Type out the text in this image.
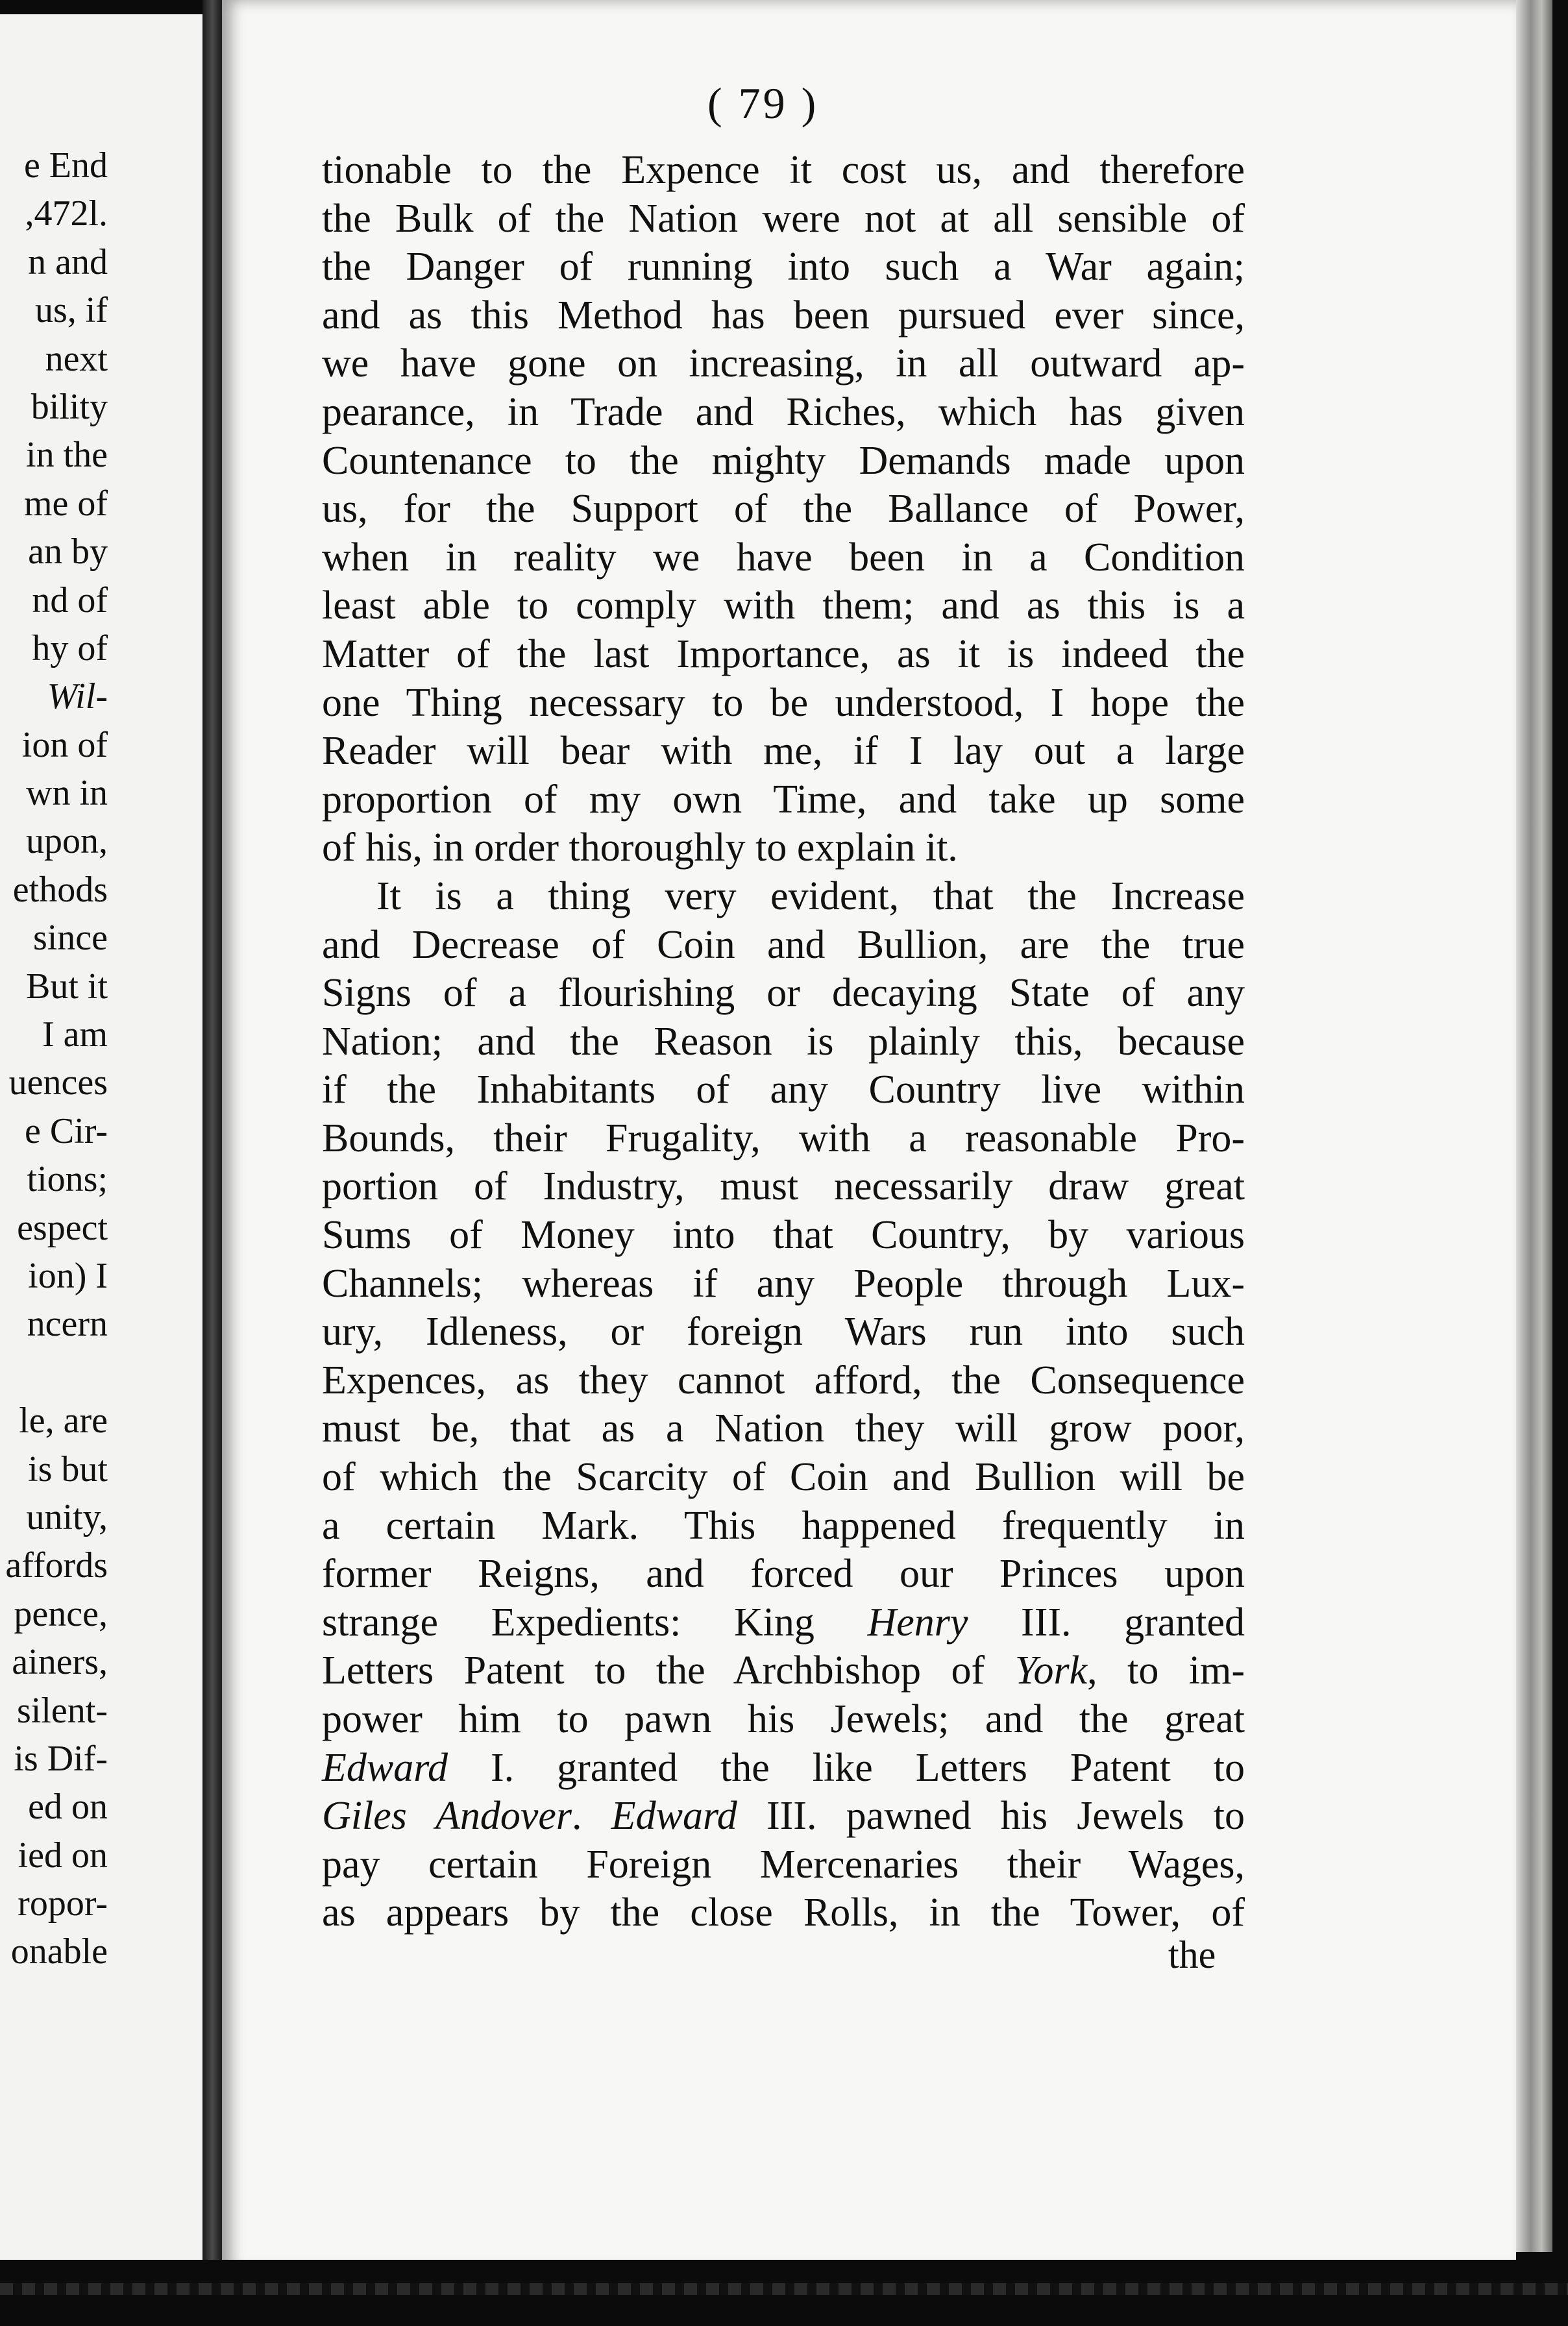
e End
,472l.
n and
us, if
next
bility
in the
me of
an by
nd of
hy of
Wil-
ion of
wn in
upon,
ethods
since
But it
I am
uences
e Cir-
tions;
espect
ion) I
ncern
le, are
is but
unity,
affords
pence,
ainers,
silent-
is Dif-
ed on
ied on
ropor-
onable
( 79 )
tionable to the Expence it cost us, and therefore
the Bulk of the Nation were not at all sensible of
the Danger of running into such a War again;
and as this Method has been pursued ever since,
we have gone on increasing, in all outward ap-
pearance, in Trade and Riches, which has given
Countenance to the mighty Demands made upon
us, for the Support of the Ballance of Power,
when in reality we have been in a Condition
least able to comply with them; and as this is a
Matter of the last Importance, as it is indeed the
one Thing necessary to be understood, I hope the
Reader will bear with me, if I lay out a large
proportion of my own Time, and take up some
of his, in order thoroughly to explain it.
It is a thing very evident, that the Increase
and Decrease of Coin and Bullion, are the true
Signs of a flourishing or decaying State of any
Nation; and the Reason is plainly this, because
if the Inhabitants of any Country live within
Bounds, their Frugality, with a reasonable Pro-
portion of Industry, must necessarily draw great
Sums of Money into that Country, by various
Channels; whereas if any People through Lux-
ury, Idleness, or foreign Wars run into such
Expences, as they cannot afford, the Consequence
must be, that as a Nation they will grow poor,
of which the Scarcity of Coin and Bullion will be
a certain Mark. This happened frequently in
former Reigns, and forced our Princes upon
strange Expedients: King Henry III. granted
Letters Patent to the Archbishop of York, to im-
power him to pawn his Jewels; and the great
Edward I. granted the like Letters Patent to
Giles Andover. Edward III. pawned his Jewels to
pay certain Foreign Mercenaries their Wages,
as appears by the close Rolls, in the Tower, of
the
